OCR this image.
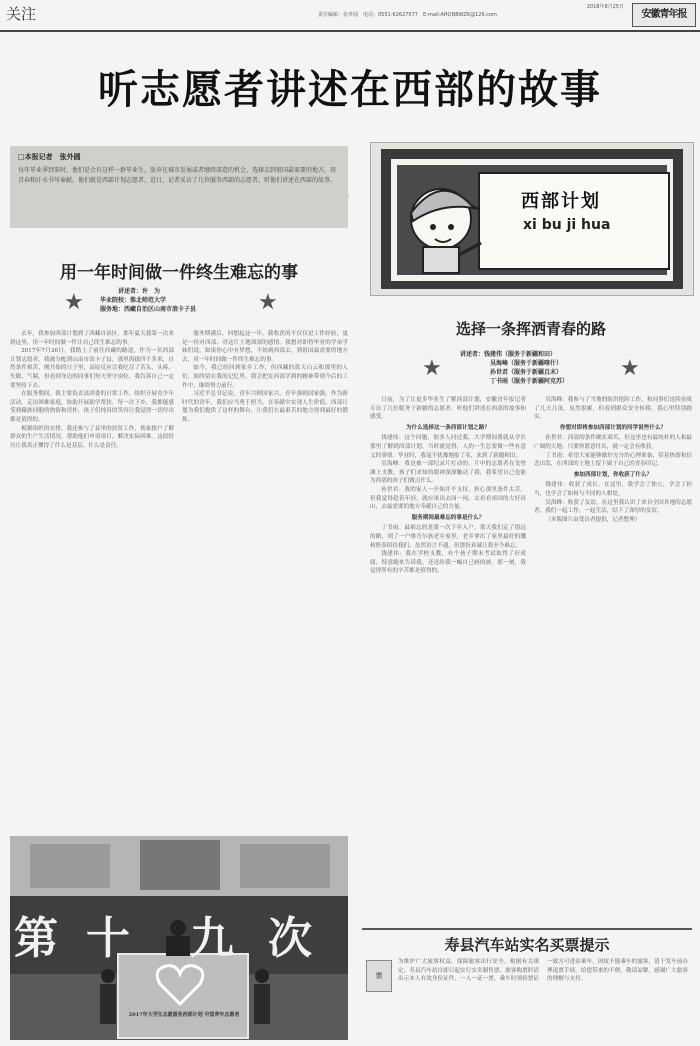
关注	2018年8月25日
责任编辑：张外圆　电话：0551-62627577　E-mail:AHQNBWZK@126.com	安徽青年报
听志愿者讲述在西部的故事
□本报记者　张外圆
每年毕业季到来时，他们是会有这样一群毕业生，放弃在城市发展或者继续深造的机会，选择去到祖国最需要的地方，用青春和汗水书写奉献。他们就是西部计划志愿者。近日，记者采访了几位服务西部的志愿者，听他们讲述在西部的故事。
西部计划
xi bu ji hua
用一年时间做一件终生难忘的事
★	★
讲述者：许　为
毕业院校：淮北师范大学
服务地：西藏自治区山南市浪卡子县

去年，我参加西部计划到了西藏自治区，那年夏天我第一次来到这里，用一年时间做一件让自己终生难忘的事。

2017年7月26日，我踏上了前往西藏的路途。作为一名西部计划志愿者，我被分配到山南市浪卡子县，那里海拔四千多米，自然条件艰苦，刚开始的日子里，高原反应让我吃尽了苦头，头疼、失眠、气喘，但看到身边的同事们每天坚守岗位，我告诉自己一定要坚持下去。

在服务期间，我主要负责县团委的日常工作，组织开展青少年活动，走访困难家庭，协助开展助学帮扶。每一次下乡，我都能感受到藏族同胞的热情和淳朴，孩子们纯真的笑容让我觉得一切付出都是值得的。

根据组织的安排，我还参与了县里的扶贫工作，挨家挨户了解群众的生产生活情况，帮助他们申请项目，解决实际困难。这段经历让我真正懂得了什么是基层，什么是责任。

服务期满后，回想起这一年，我收获的不仅仅是工作经验，更是一份对西部、对这片土地深深的感情。我想对即将毕业的学弟学妹们说，如果你心中有梦想，不妨到西部去，到祖国最需要的地方去，用一年时间做一件终生难忘的事。

如今，我已经回到家乡工作，但西藏的蓝天白云和那里的人们，始终留在我的记忆里。我会把在西部学到的精神带到今后的工作中，继续努力前行。

习近平总书记说，青年兴则国家兴，青年强则国家强。作为新时代的青年，我们应当勇于担当，在奉献中实现人生价值。西部计划为我们提供了这样的舞台，让我们在最艰苦的地方得到最好的锻炼。

第 十 九 次
2017年大学生志愿服务西部计划 中国青年志愿者
选择一条挥洒青春的路
★	★
讲述者：钱建伟（服务于新疆和田）
吴海峰（服务于新疆喀什）
孙世君（服务于新疆且末）
丁书雨（服务于新疆阿克苏）

日前，为了让更多毕业生了解西部计划，安徽青年报记者专访了几位服务于新疆的志愿者，听他们讲述在西部的故事和感受。

为什么选择这一条西部计划之路？

钱建伟：这个问题，很多人问过我。大学期间我就从学长那里了解到西部计划，当时就觉得，人的一生总要做一些有意义的事情。毕业时，我毫不犹豫地报了名，来到了新疆和田。

吴海峰：我是被一部纪录片打动的。片中的志愿者在戈壁滩上支教，孩子们求知的眼神深深触动了我，我希望自己也能为西部的孩子们做点什么。

孙世君：我的家人一开始并不支持，担心那里条件太苦。但我觉得趁着年轻，就应该出去闯一闯，去看看祖国的大好河山，去最需要的地方奉献自己的力量。

服务期间最难忘的事是什么？

丁书雨：最难忘的是第一次下乡入户。那天我们走了很远的路，到了一户维吾尔族老乡家里，老乡拿出了家里最好的馕和奶茶招待我们，虽然语言不通，但那份真诚让我至今难忘。

钱建伟：我在学校支教，有个孩子期末考试取得了好成绩，特意跑来告诉我，还送给我一幅自己画的画。那一刻，我觉得所有的辛苦都是值得的。

吴海峰：我参与了当地的防洪抢险工作，和同事们连续奋战了几天几夜。虽然很累，但看到群众安全转移，我心里特别踏实。

你想对即将参加西部计划的同学说些什么？

孙世君：西部的条件确实艰苦，但这里也有最纯朴的人和最广阔的天地。只要你愿意付出，就一定会有收获。

丁书雨：希望大家能够做好充分的心理准备，带着热情和信念出发，在西部的土地上留下属于自己的青春印记。

参加西部计划，你收获了什么？

钱建伟：收获了成长。在这里，我学会了独立，学会了担当，也学会了如何与不同的人相处。

吴海峰：收获了友谊。在这里我认识了来自全国各地的志愿者，我们一起工作，一起生活，结下了深厚的友谊。

（本版图片由受访者提供，记者整理）

寿县汽车站实名买票提示
票
为维护广大旅客权益，保障旅客出行安全，根据有关规定，寿县汽车站自即日起实行实名制售票。旅客购票时请出示本人有效身份证件，一人一证一票，乘车时须持票证一致方可进站乘车。因故不能乘车的旅客，请于发车前办理退票手续。给您带来的不便，敬请谅解，感谢广大旅客的理解与支持。
